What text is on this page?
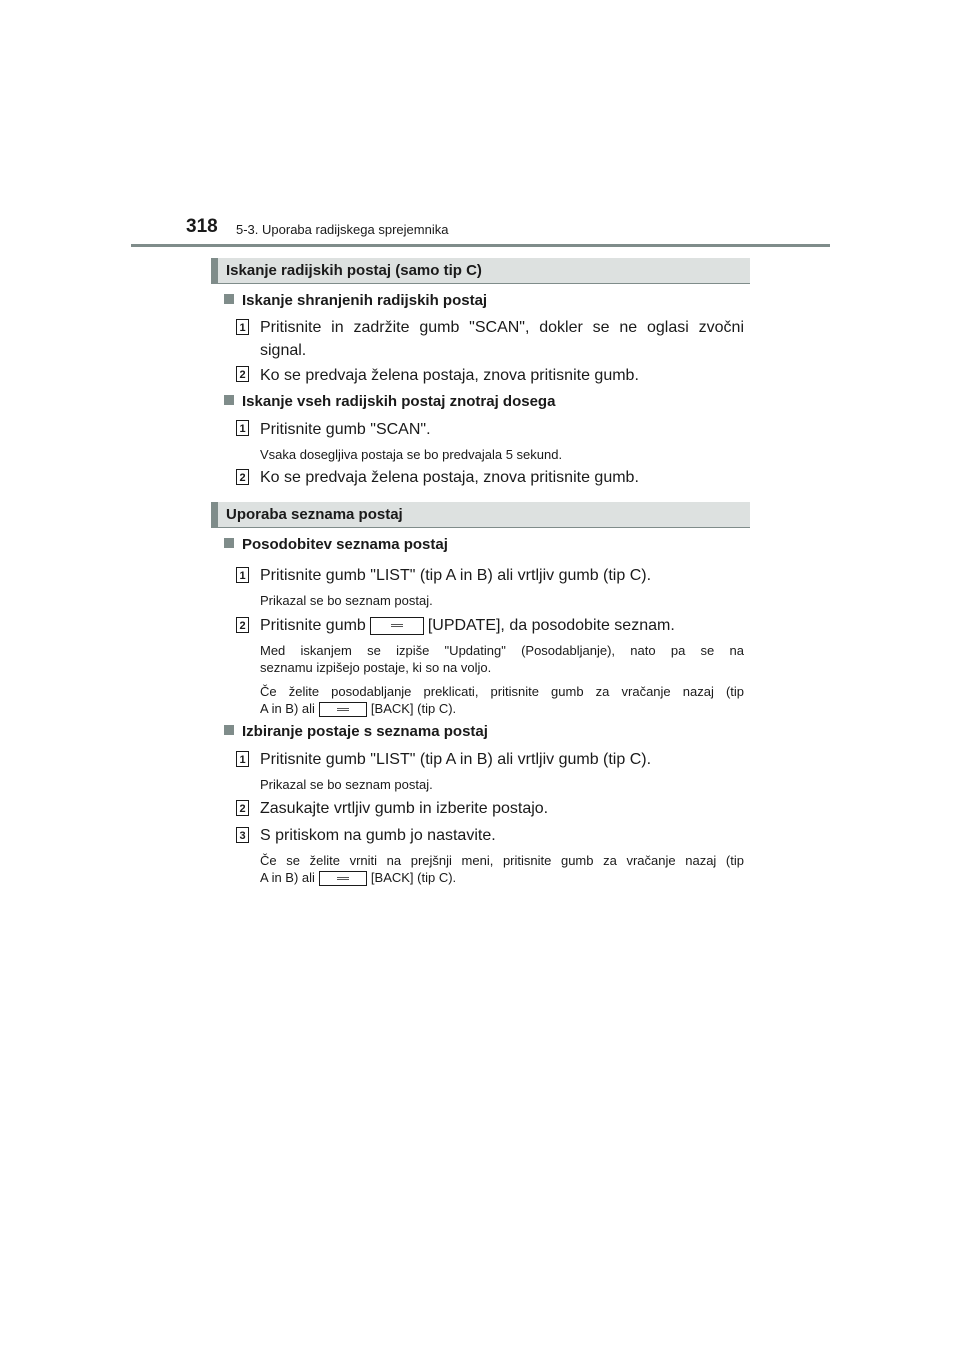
318 5-3. Uporaba radijskega sprejemnika
Iskanje radijskih postaj (samo tip C)
Iskanje shranjenih radijskih postaj
1 Pritisnite in zadržite gumb "SCAN", dokler se ne oglasi zvočni
signal.
2 Ko se predvaja želena postaja, znova pritisnite gumb.
Iskanje vseh radijskih postaj znotraj dosega
1 Pritisnite gumb "SCAN".
Vsaka dosegljiva postaja se bo predvajala 5 sekund.
2 Ko se predvaja želena postaja, znova pritisnite gumb.
Uporaba seznama postaj
Posodobitev seznama postaj
1 Pritisnite gumb "LIST" (tip A in B) ali vrtljiv gumb (tip C).
Prikazal se bo seznam postaj.
2 Pritisnite gumb	[UPDATE], da posodobite seznam.
Med iskanjem se izpiše "Updating" (Posodabljanje), nato pa se na
seznamu izpišejo postaje, ki so na voljo.
Če želite posodabljanje preklicati, pritisnite gumb za vračanje nazaj (tip
A in B) ali	[BACK] (tip C).
Izbiranje postaje s seznama postaj
1 Pritisnite gumb "LIST" (tip A in B) ali vrtljiv gumb (tip C).
Prikazal se bo seznam postaj.
2 Zasukajte vrtljiv gumb in izberite postajo.
3 S pritiskom na gumb jo nastavite.
Če se želite vrniti na prejšnji meni, pritisnite gumb za vračanje nazaj (tip
A in B) ali	[BACK] (tip C).
